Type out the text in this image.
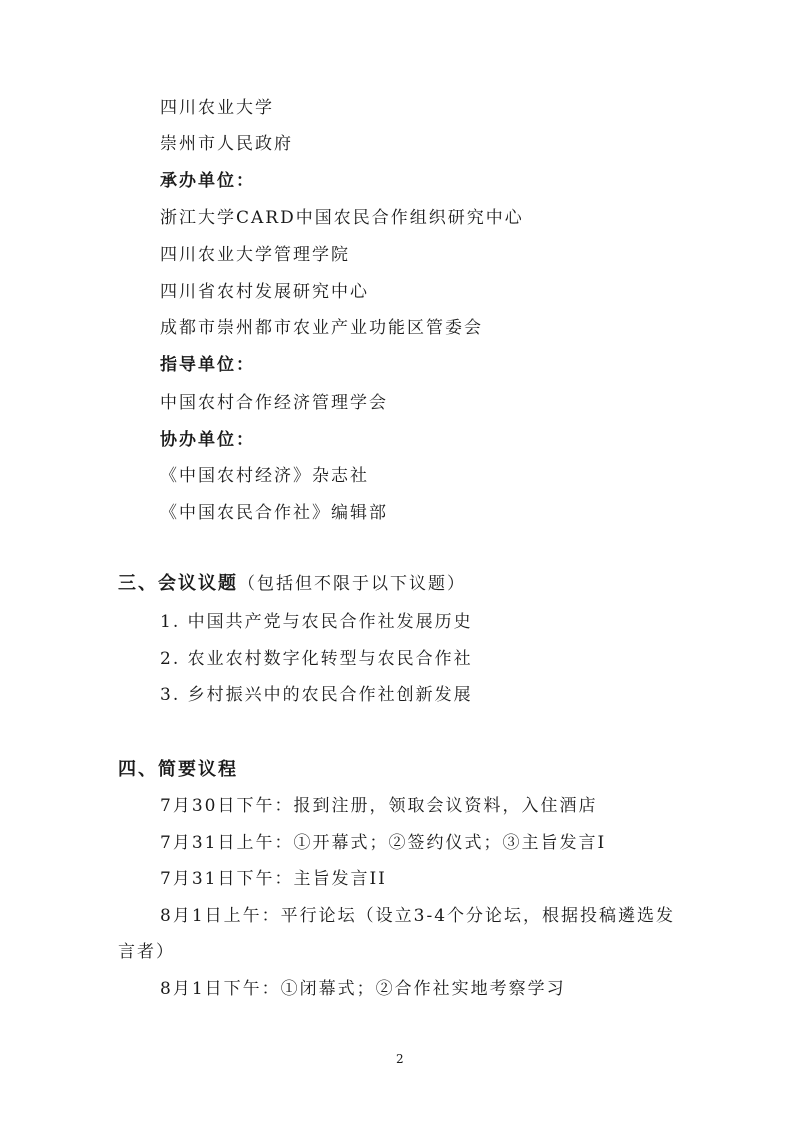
四川农业大学
崇州市人民政府
承办单位：
浙江大学CARD中国农民合作组织研究中心
四川农业大学管理学院
四川省农村发展研究中心
成都市崇州都市农业产业功能区管委会
指导单位：
中国农村合作经济管理学会
协办单位：
《中国农村经济》杂志社
《中国农民合作社》编辑部
三、会议议题（包括但不限于以下议题）
1. 中国共产党与农民合作社发展历史
2. 农业农村数字化转型与农民合作社
3. 乡村振兴中的农民合作社创新发展
四、简要议程
7月30日下午：报到注册，领取会议资料，入住酒店
7月31日上午：①开幕式；②签约仪式；③主旨发言I
7月31日下午：主旨发言II
8月1日上午：平行论坛（设立3-4个分论坛，根据投稿遴选发
言者）
8月1日下午：①闭幕式；②合作社实地考察学习
2
